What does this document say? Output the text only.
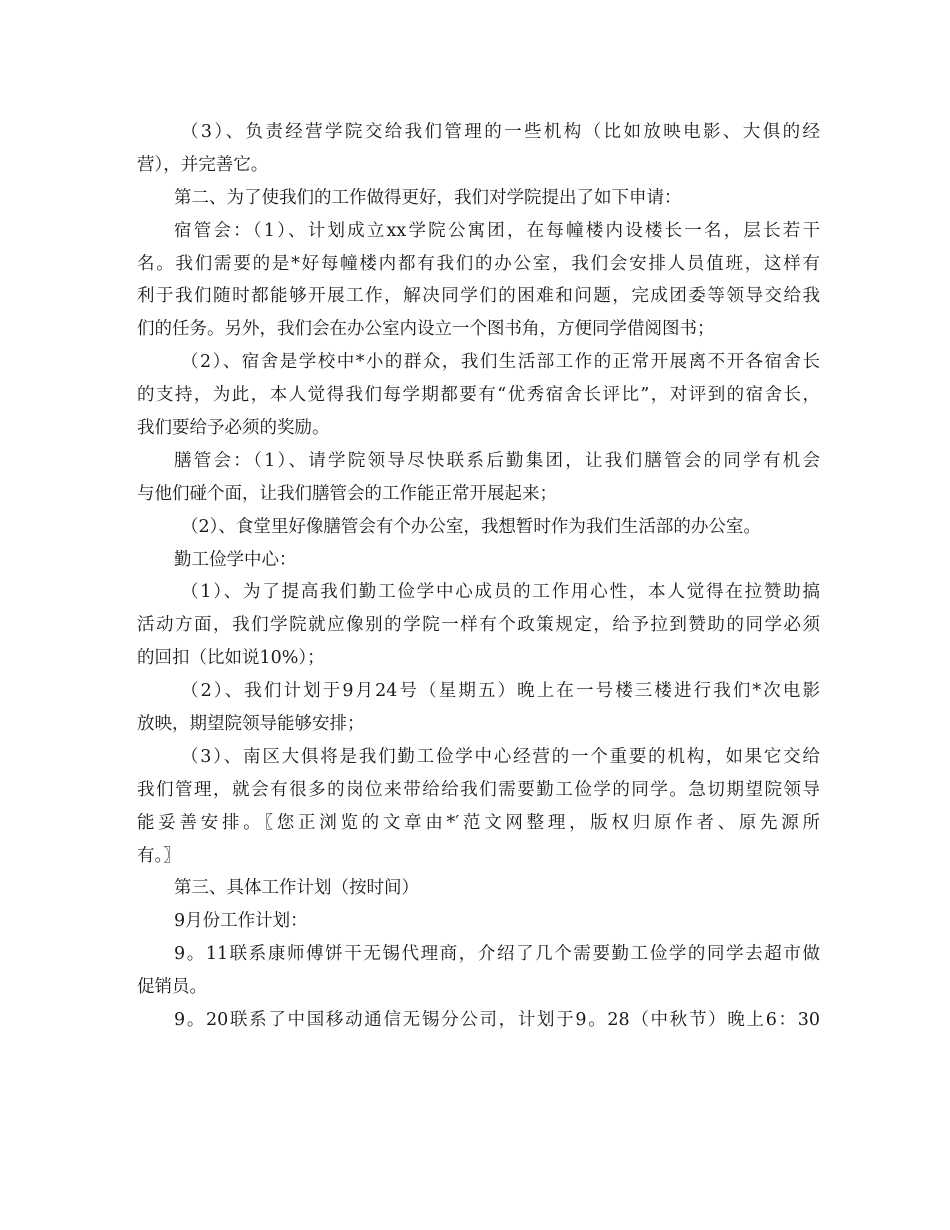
（3）、负责经营学院交给我们管理的一些机构（比如放映电影、大俱的经
营），并完善它。
第二、为了使我们的工作做得更好，我们对学院提出了如下申请：
宿管会：（1）、计划成立xx学院公寓团，在每幢楼内设楼长一名，层长若干
名。我们需要的是*好每幢楼内都有我们的办公室，我们会安排人员值班，这样有
利于我们随时都能够开展工作，解决同学们的困难和问题，完成团委等领导交给我
们的任务。另外，我们会在办公室内设立一个图书角，方便同学借阅图书；
（2）、宿舍是学校中*小的群众，我们生活部工作的正常开展离不开各宿舍长
的支持，为此，本人觉得我们每学期都要有“优秀宿舍长评比”，对评到的宿舍长，
我们要给予必须的奖励。
膳管会：（1）、请学院领导尽快联系后勤集团，让我们膳管会的同学有机会
与他们碰个面，让我们膳管会的工作能正常开展起来；
（2）、食堂里好像膳管会有个办公室，我想暂时作为我们生活部的办公室。
勤工俭学中心：
（1）、为了提高我们勤工俭学中心成员的工作用心性，本人觉得在拉赞助搞
活动方面，我们学院就应像别的学院一样有个政策规定，给予拉到赞助的同学必须
的回扣（比如说10%）；
（2）、我们计划于9月24号（星期五）晚上在一号楼三楼进行我们*次电影
放映，期望院领导能够安排；
（3）、南区大俱将是我们勤工俭学中心经营的一个重要的机构，如果它交给
我们管理，就会有很多的岗位来带给给我们需要勤工俭学的同学。急切期望院领导
能妥善安排。〖您正浏览的文章由*′范文网整理，版权归原作者、原先源所
有。〗
第三、具体工作计划（按时间）
9月份工作计划：
9。11联系康师傅饼干无锡代理商，介绍了几个需要勤工俭学的同学去超市做
促销员。
9。20联系了中国移动通信无锡分公司，计划于9。28（中秋节）晚上6：30
